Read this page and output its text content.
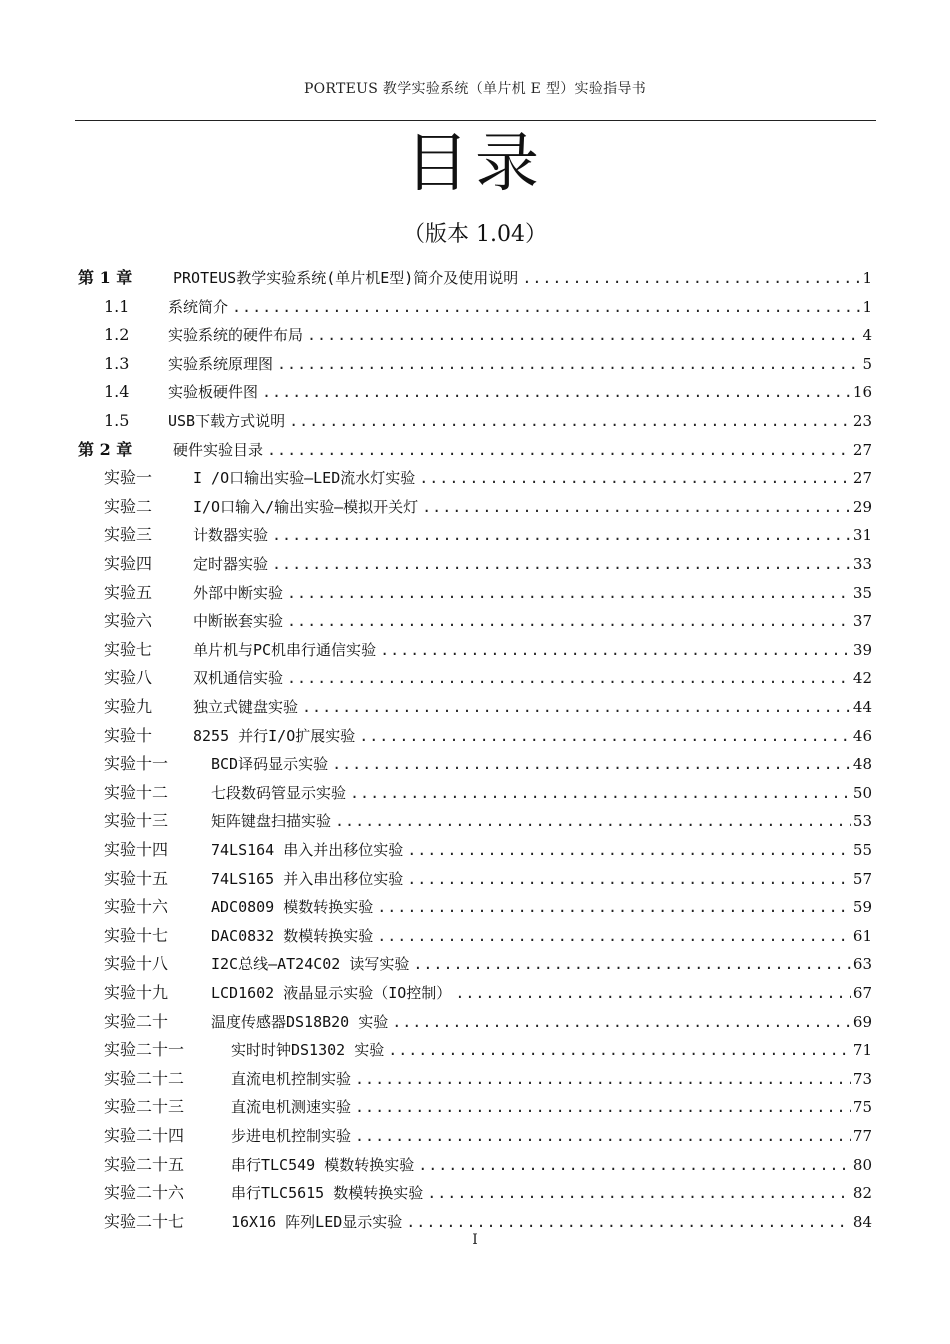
PORTEUS 教学实验系统（单片机 E 型）实验指导书
目录
（版本 1.04）
第 1 章	PROTEUS教学实验系统(单片机E型)简介及使用说明 .....	1
1.1	系统简介 .....	1
1.2	实验系统的硬件布局 .....	4
1.3	实验系统原理图 .....	5
1.4	实验板硬件图 .....	16
1.5	USB下载方式说明 .....	23
第 2 章	硬件实验目录 .....	27
实验一	I /O口输出实验—LED流水灯实验 .....	27
实验二	I/O口输入/输出实验—模拟开关灯 .....	29
实验三	计数器实验 .....	31
实验四	定时器实验 .....	33
实验五	外部中断实验 .....	35
实验六	中断嵌套实验 .....	37
实验七	单片机与PC机串行通信实验 .....	39
实验八	双机通信实验 .....	42
实验九	独立式键盘实验 .....	44
实验十	8255 并行I/O扩展实验 .....	46
实验十一	BCD译码显示实验 .....	48
实验十二	七段数码管显示实验 .....	50
实验十三	矩阵键盘扫描实验 .....	53
实验十四	74LS164 串入并出移位实验 .....	55
实验十五	74LS165 并入串出移位实验 .....	57
实验十六	ADC0809 模数转换实验 .....	59
实验十七	DAC0832 数模转换实验 .....	61
实验十八	I2C总线—AT24C02 读写实验 .....	63
实验十九	LCD1602 液晶显示实验（IO控制） .....	67
实验二十	温度传感器DS18B20 实验 .....	69
实验二十一	实时时钟DS1302 实验 .....	71
实验二十二	直流电机控制实验 .....	73
实验二十三	直流电机测速实验 .....	75
实验二十四	步进电机控制实验 .....	77
实验二十五	串行TLC549 模数转换实验 .....	80
实验二十六	串行TLC5615 数模转换实验 .....	82
实验二十七	16X16 阵列LED显示实验 .....	84
I
